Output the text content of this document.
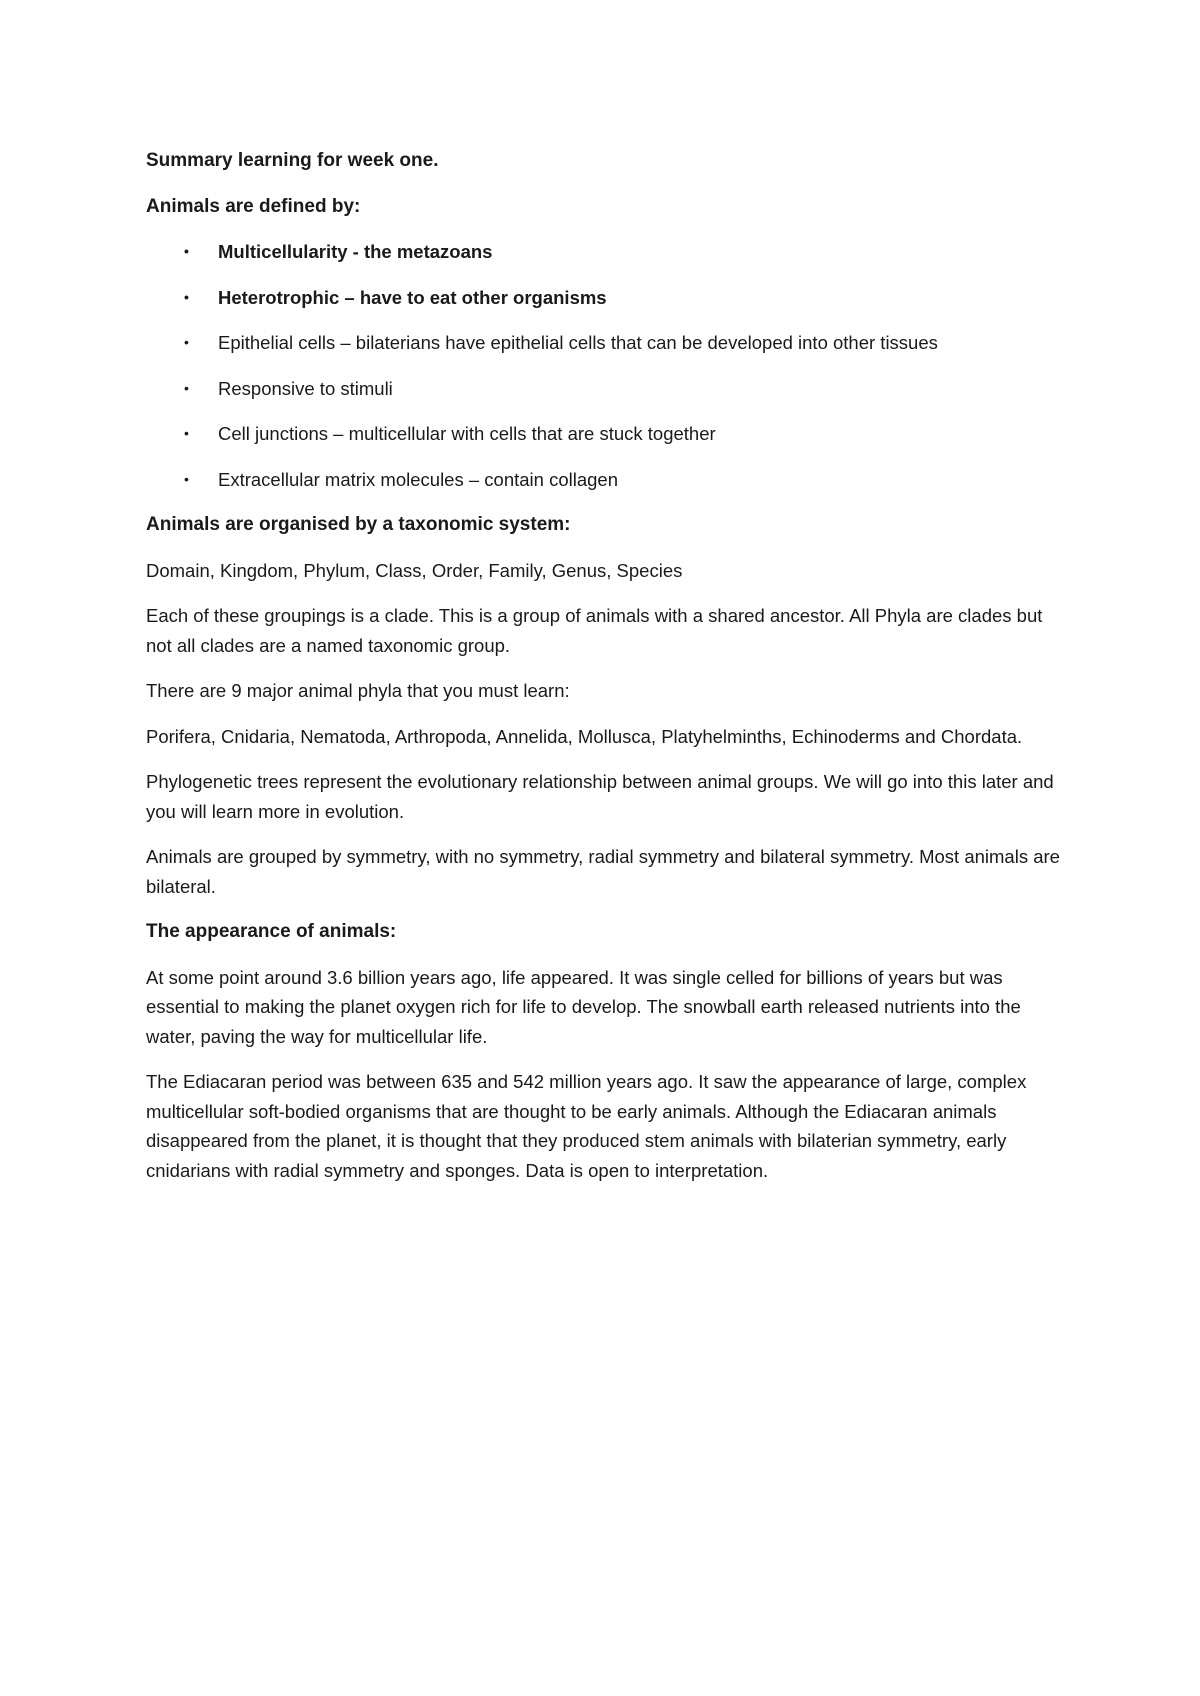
Summary learning for week one.

Animals are defined by:

• Multicellularity - the metazoans
• Heterotrophic – have to eat other organisms
• Epithelial cells – bilaterians have epithelial cells that can be developed into other tissues
• Responsive to stimuli
• Cell junctions – multicellular with cells that are stuck together
• Extracellular matrix molecules – contain collagen

Animals are organised by a taxonomic system:

Domain, Kingdom, Phylum, Class, Order, Family, Genus, Species

Each of these groupings is a clade. This is a group of animals with a shared ancestor. All Phyla are clades but not all clades are a named taxonomic group.

There are 9 major animal phyla that you must learn:

Porifera, Cnidaria, Nematoda, Arthropoda, Annelida, Mollusca, Platyhelminths, Echinoderms and Chordata.

Phylogenetic trees represent the evolutionary relationship between animal groups. We will go into this later and you will learn more in evolution.

Animals are grouped by symmetry, with no symmetry, radial symmetry and bilateral symmetry. Most animals are bilateral.

The appearance of animals:

At some point around 3.6 billion years ago, life appeared. It was single celled for billions of years but was essential to making the planet oxygen rich for life to develop. The snowball earth released nutrients into the water, paving the way for multicellular life.

The Ediacaran period was between 635 and 542 million years ago. It saw the appearance of large, complex multicellular soft-bodied organisms that are thought to be early animals. Although the Ediacaran animals disappeared from the planet, it is thought that they produced stem animals with bilaterian symmetry, early cnidarians with radial symmetry and sponges. Data is open to interpretation.
